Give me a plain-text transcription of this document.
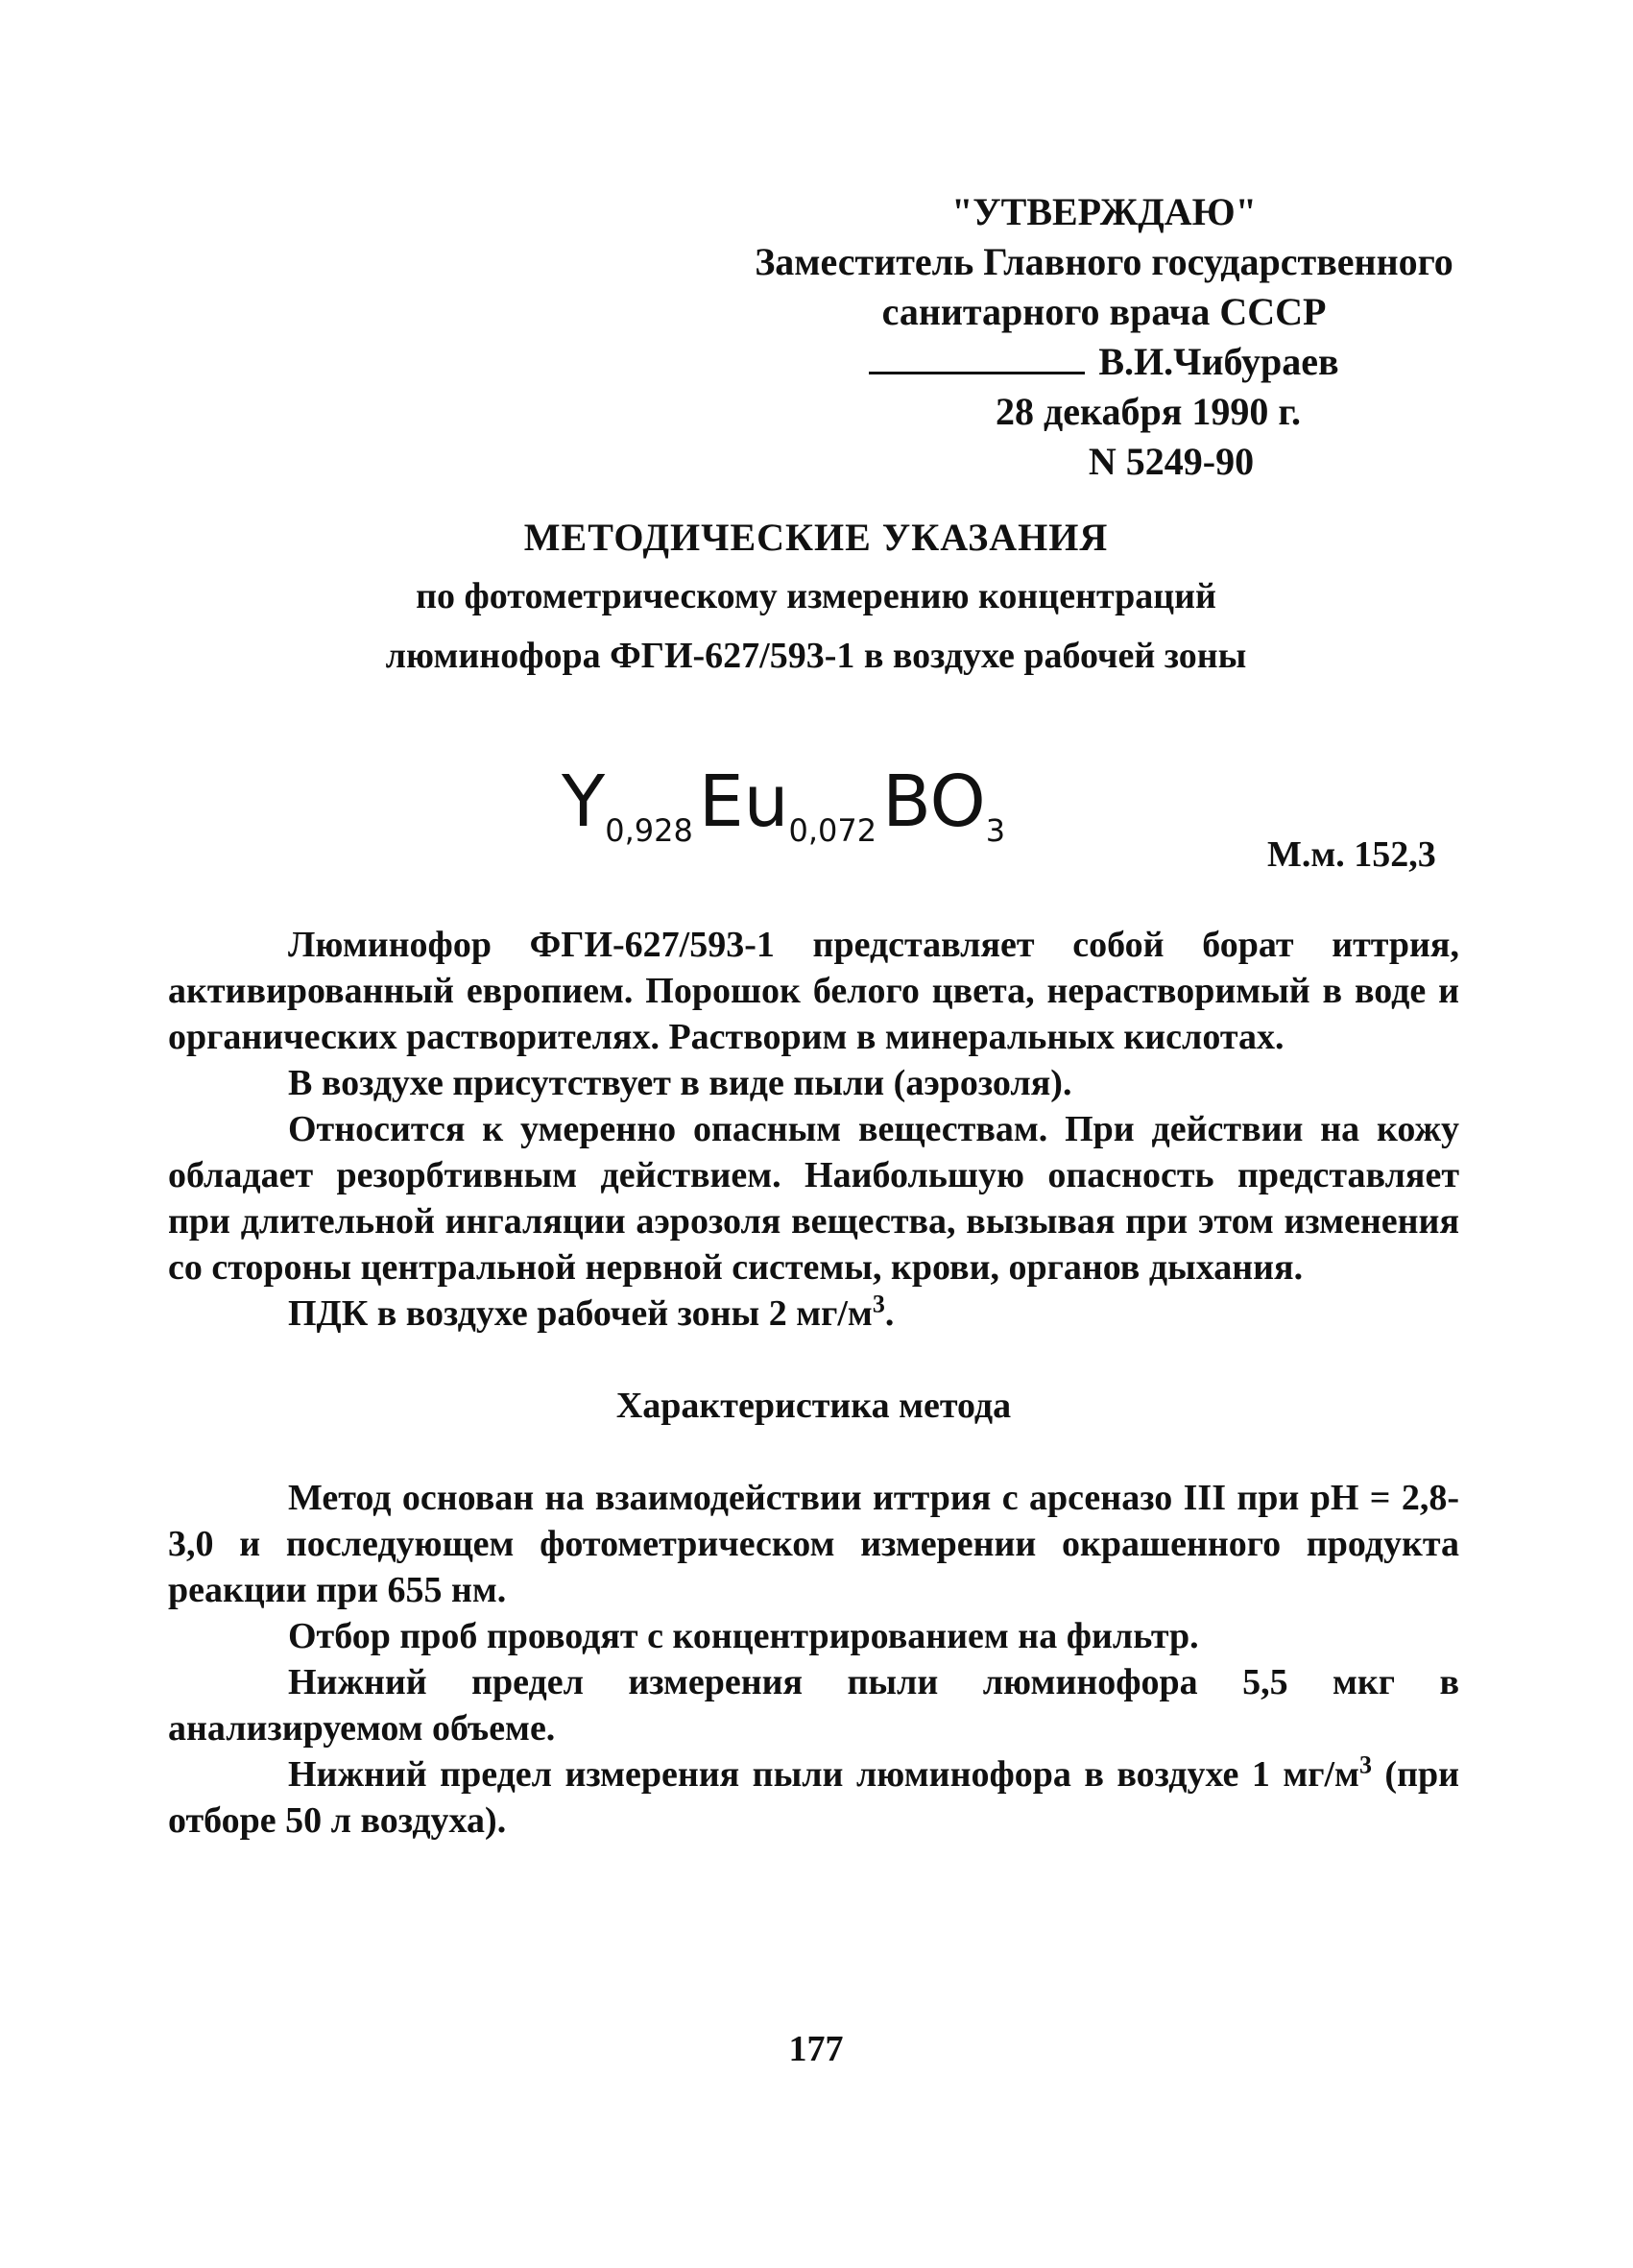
"УТВЕРЖДАЮ"
Заместитель Главного государственного
санитарного врача СССР
В.И.Чибураев
28 декабря 1990 г.
N 5249-90
МЕТОДИЧЕСКИЕ УКАЗАНИЯ
по фотометрическому измерению концентраций
люминофора ФГИ-627/593-1 в воздухе рабочей зоны
$Y_{0,928}Eu_{0,072}BO_3$
М.м. 152,3

Люминофор ФГИ-627/593-1 представляет собой борат иттрия, активированный европием. Порошок белого цвета, нерастворимый в воде и органических растворителях. Растворим в минеральных кислотах.

В воздухе присутствует в виде пыли (аэрозоля).

Относится к умеренно опасным веществам. При действии на кожу обладает резорбтивным действием. Наибольшую опасность представляет при длительной ингаляции аэрозоля вещества, вызывая при этом изменения со стороны центральной нервной системы, крови, органов дыхания.

ПДК в воздухе рабочей зоны 2 $мг/м^3$.

Характеристика метода

Метод основан на взаимодействии иттрия с арсеназо III при pH = 2,8-3,0 и последующем фотометрическом измерении окрашенного продукта реакции при 655 нм.

Отбор проб проводят с концентрированием на фильтр.

Нижний предел измерения пыли люминофора 5,5 мкг в анализируемом объеме.

Нижний предел измерения пыли люминофора в воздухе 1 $мг/м^3$ (при отборе 50 л воздуха).

177
